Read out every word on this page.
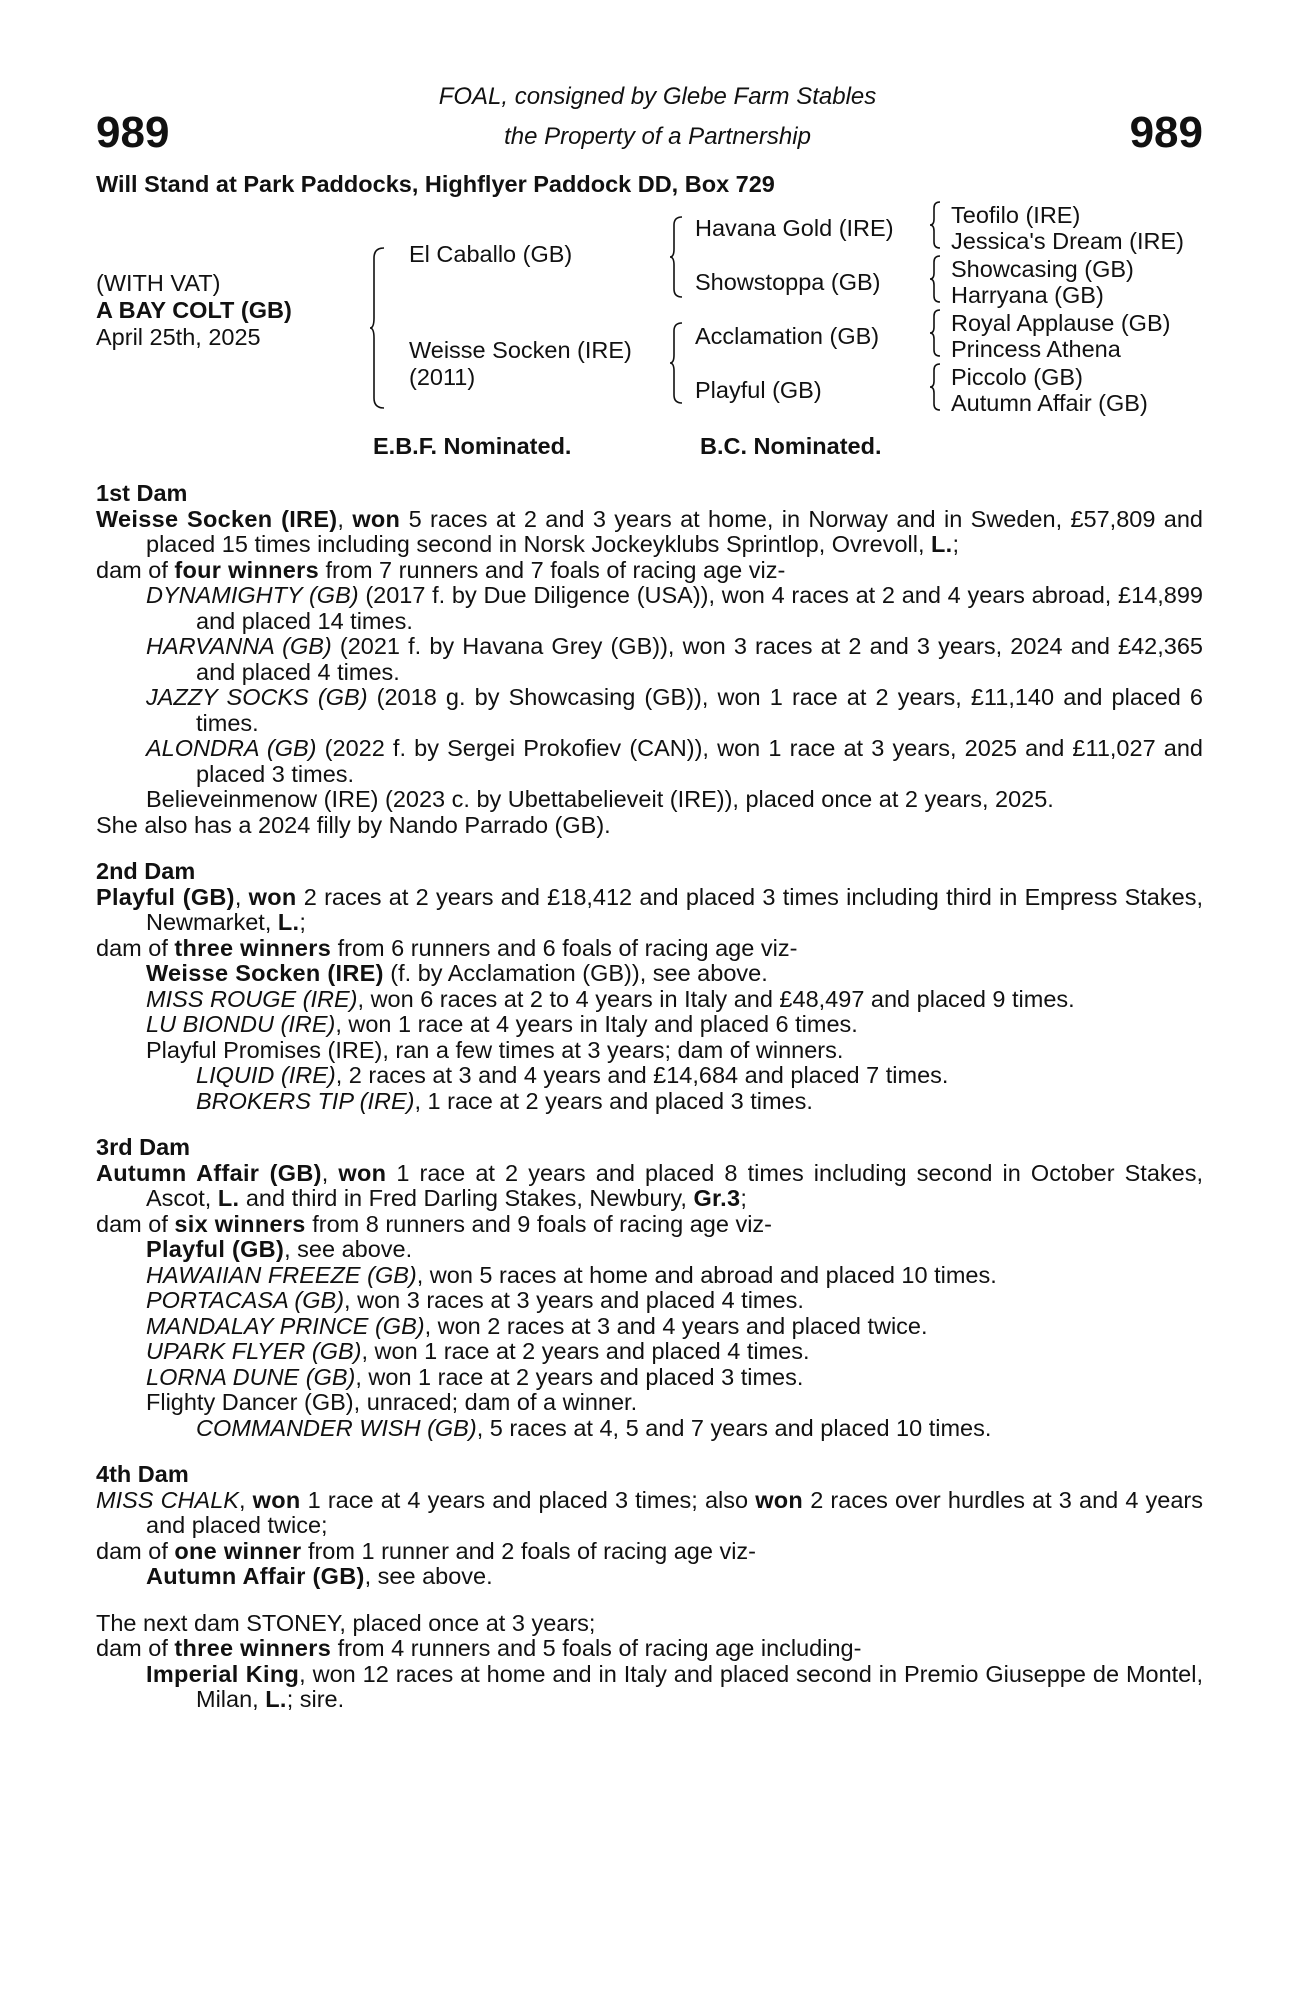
989	989
FOAL, consigned by Glebe Farm Stables
the Property of a Partnership
Will Stand at Park Paddocks, Highflyer Paddock DD, Box 729
(WITH VAT)
A BAY COLT (GB)
April 25th, 2025
El Caballo (GB)
Weisse Socken (IRE)
(2011)
Havana Gold (IRE)
Showstoppa (GB)
Acclamation (GB)
Playful (GB)
Teofilo (IRE)
Jessica's Dream (IRE)
Showcasing (GB)
Harryana (GB)
Royal Applause (GB)
Princess Athena
Piccolo (GB)
Autumn Affair (GB)
E.B.F. Nominated.	B.C. Nominated.
1st Dam
Weisse Socken (IRE), won 5 races at 2 and 3 years at home, in Norway and in Sweden, £57,809 and placed 15 times including second in Norsk Jockeyklubs Sprintlop, Ovrevoll, L.;
dam of four winners from 7 runners and 7 foals of racing age viz-
DYNAMIGHTY (GB) (2017 f. by Due Diligence (USA)), won 4 races at 2 and 4 years abroad, £14,899 and placed 14 times.
HARVANNA (GB) (2021 f. by Havana Grey (GB)), won 3 races at 2 and 3 years, 2024 and £42,365 and placed 4 times.
JAZZY SOCKS (GB) (2018 g. by Showcasing (GB)), won 1 race at 2 years, £11,140 and placed 6 times.
ALONDRA (GB) (2022 f. by Sergei Prokofiev (CAN)), won 1 race at 3 years, 2025 and £11,027 and placed 3 times.
Believeinmenow (IRE) (2023 c. by Ubettabelieveit (IRE)), placed once at 2 years, 2025.
She also has a 2024 filly by Nando Parrado (GB).
2nd Dam
Playful (GB), won 2 races at 2 years and £18,412 and placed 3 times including third in Empress Stakes, Newmarket, L.;
dam of three winners from 6 runners and 6 foals of racing age viz-
Weisse Socken (IRE) (f. by Acclamation (GB)), see above.
MISS ROUGE (IRE), won 6 races at 2 to 4 years in Italy and £48,497 and placed 9 times.
LU BIONDU (IRE), won 1 race at 4 years in Italy and placed 6 times.
Playful Promises (IRE), ran a few times at 3 years; dam of winners.
LIQUID (IRE), 2 races at 3 and 4 years and £14,684 and placed 7 times.
BROKERS TIP (IRE), 1 race at 2 years and placed 3 times.
3rd Dam
Autumn Affair (GB), won 1 race at 2 years and placed 8 times including second in October Stakes, Ascot, L. and third in Fred Darling Stakes, Newbury, Gr.3;
dam of six winners from 8 runners and 9 foals of racing age viz-
Playful (GB), see above.
HAWAIIAN FREEZE (GB), won 5 races at home and abroad and placed 10 times.
PORTACASA (GB), won 3 races at 3 years and placed 4 times.
MANDALAY PRINCE (GB), won 2 races at 3 and 4 years and placed twice.
UPARK FLYER (GB), won 1 race at 2 years and placed 4 times.
LORNA DUNE (GB), won 1 race at 2 years and placed 3 times.
Flighty Dancer (GB), unraced; dam of a winner.
COMMANDER WISH (GB), 5 races at 4, 5 and 7 years and placed 10 times.
4th Dam
MISS CHALK, won 1 race at 4 years and placed 3 times; also won 2 races over hurdles at 3 and 4 years and placed twice;
dam of one winner from 1 runner and 2 foals of racing age viz-
Autumn Affair (GB), see above.
The next dam STONEY, placed once at 3 years;
dam of three winners from 4 runners and 5 foals of racing age including-
Imperial King, won 12 races at home and in Italy and placed second in Premio Giuseppe de Montel, Milan, L.; sire.
